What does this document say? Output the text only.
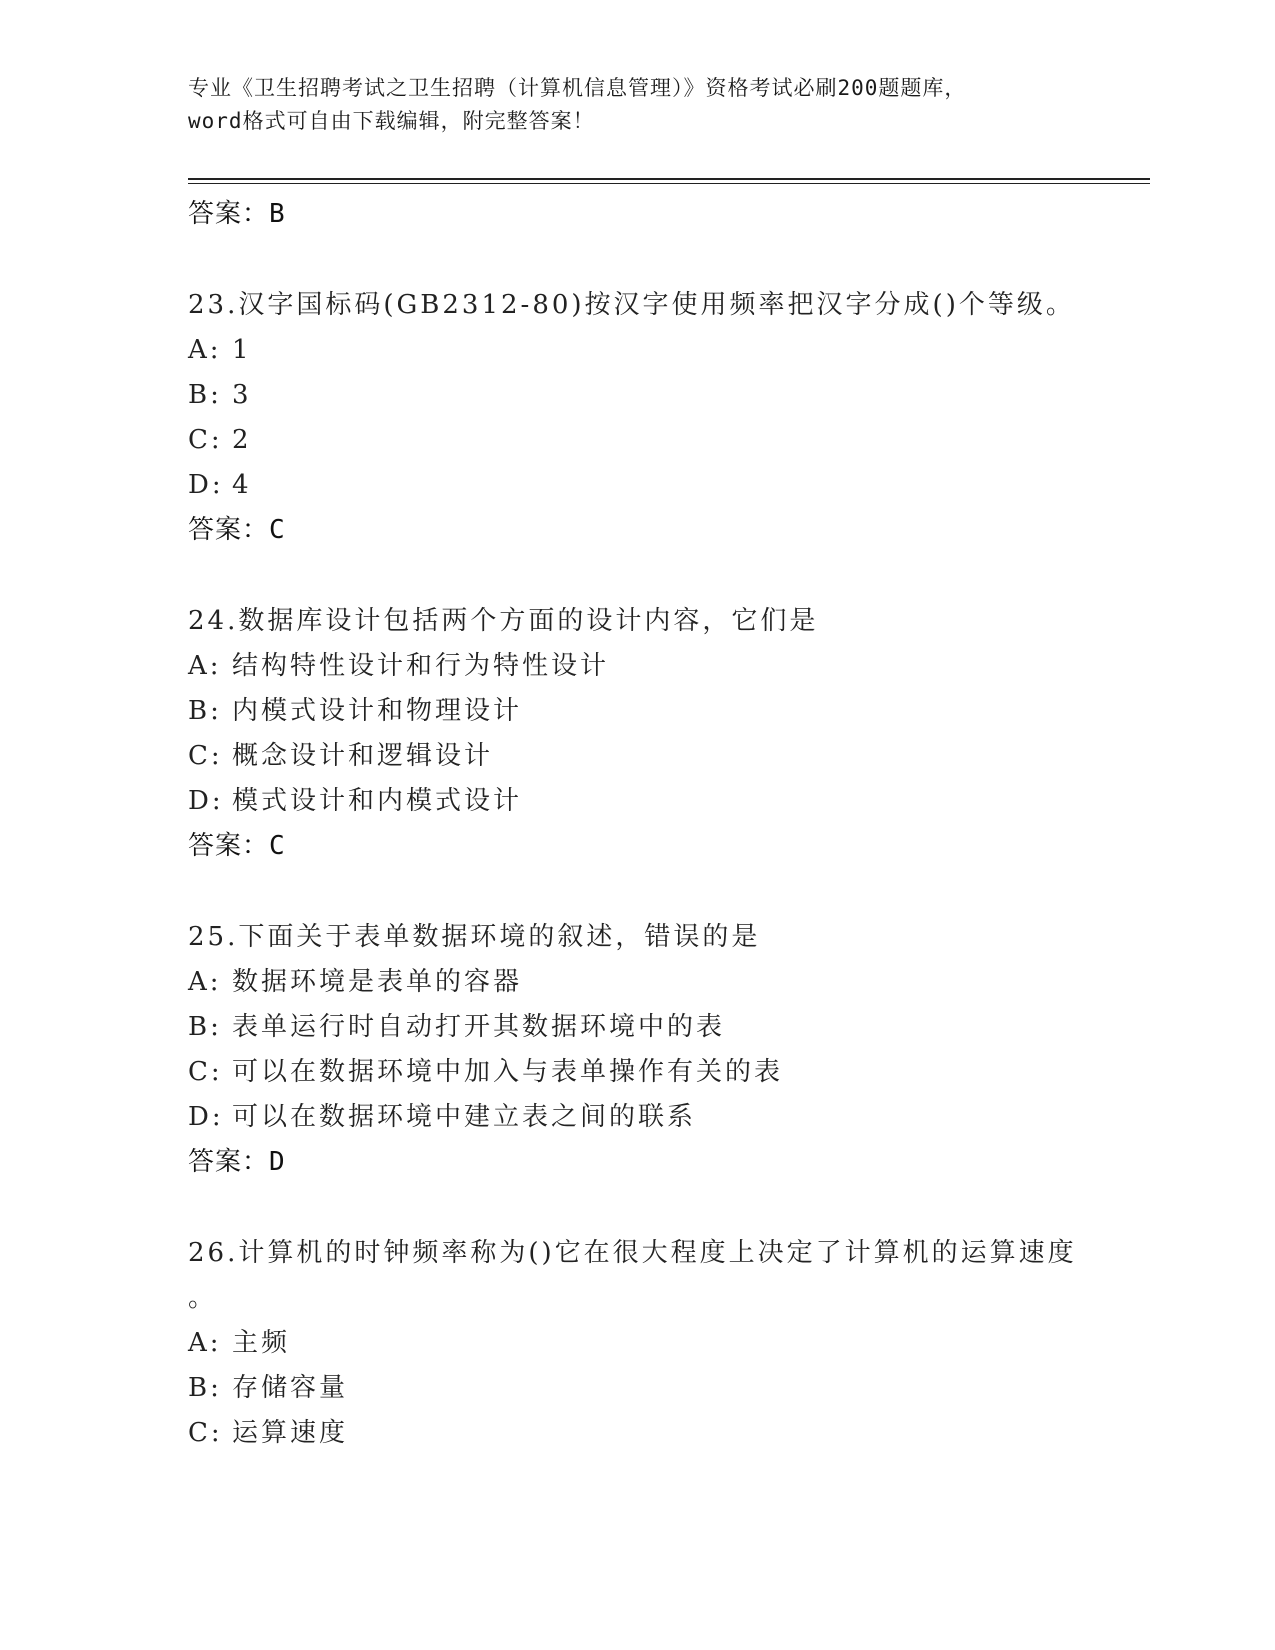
专业《卫生招聘考试之卫生招聘（计算机信息管理）》资格考试必刷200题题库，
word格式可自由下载编辑，附完整答案！
答案：B
23.汉字国标码(GB2312-80)按汉字使用频率把汉字分成()个等级。
A: 1
B: 3
C: 2
D: 4
答案：C
24.数据库设计包括两个方面的设计内容，它们是
A: 结构特性设计和行为特性设计
B: 内模式设计和物理设计
C: 概念设计和逻辑设计
D: 模式设计和内模式设计
答案：C
25.下面关于表单数据环境的叙述，错误的是
A: 数据环境是表单的容器
B: 表单运行时自动打开其数据环境中的表
C: 可以在数据环境中加入与表单操作有关的表
D: 可以在数据环境中建立表之间的联系
答案：D
26.计算机的时钟频率称为()它在很大程度上决定了计算机的运算速度
。
A: 主频
B: 存储容量
C: 运算速度
